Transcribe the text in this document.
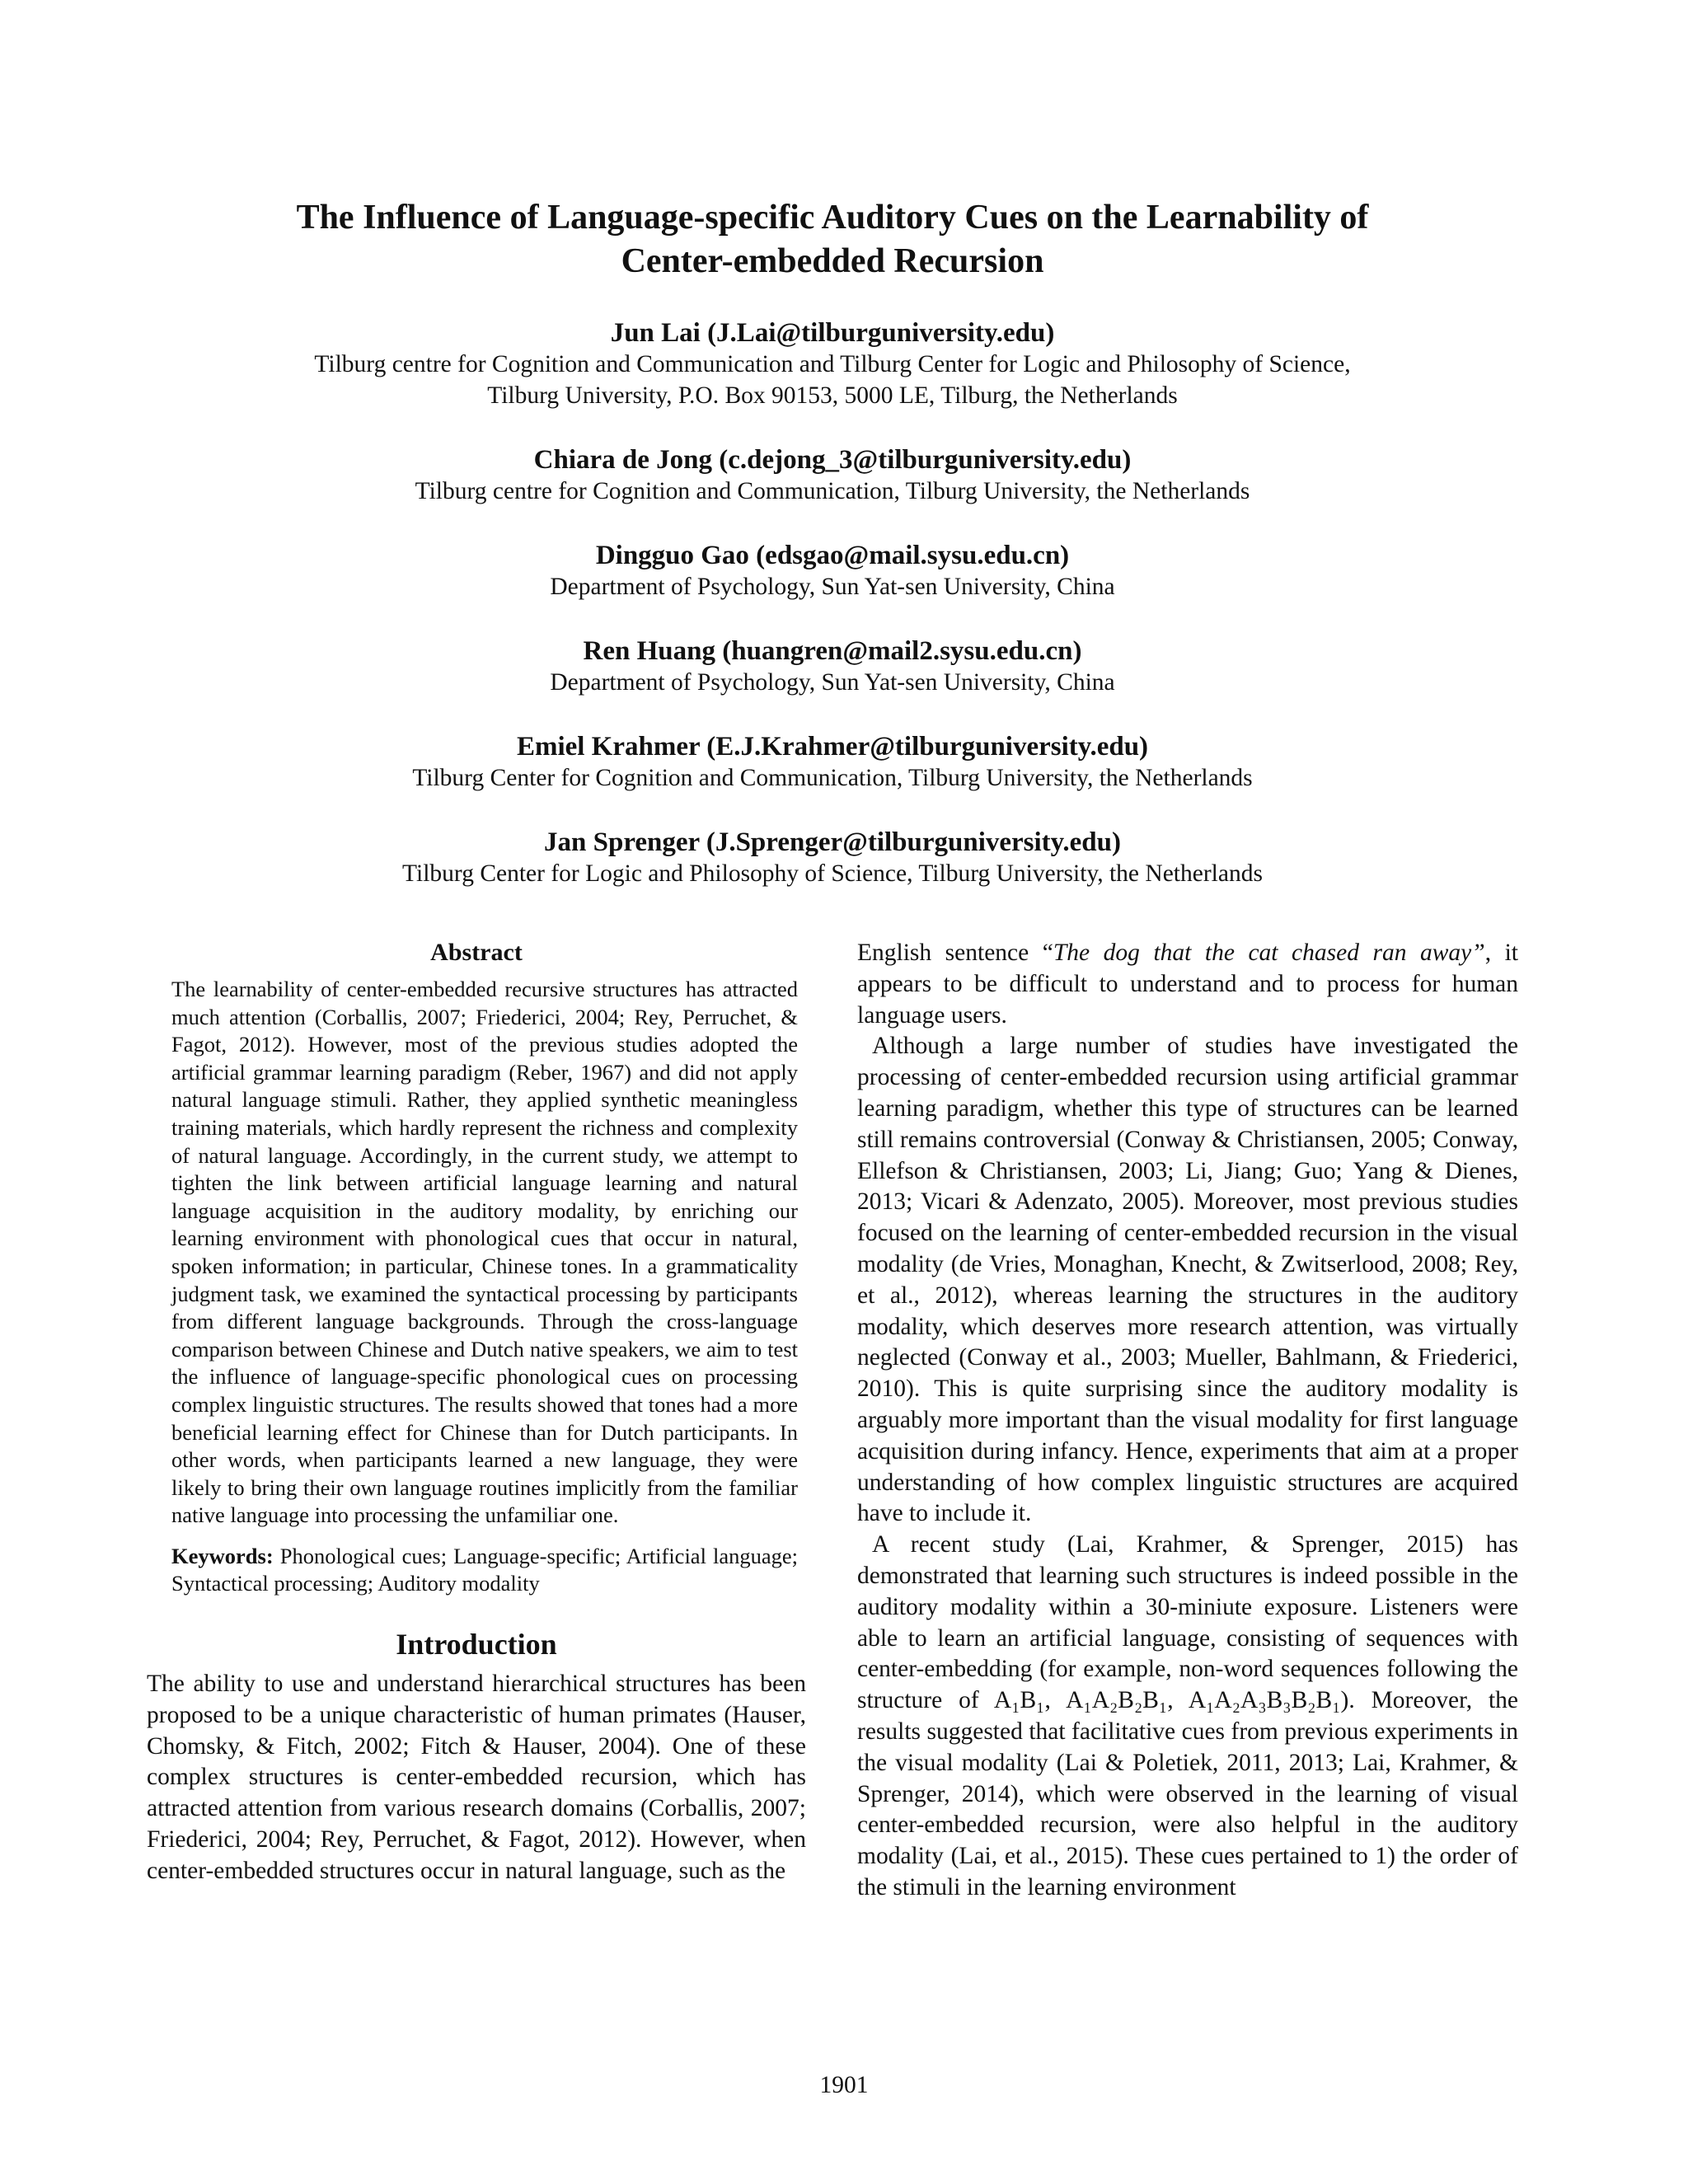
The Influence of Language-specific Auditory Cues on the Learnability of
Center-embedded Recursion
Jun Lai (J.Lai@tilburguniversity.edu)
Tilburg centre for Cognition and Communication and Tilburg Center for Logic and Philosophy of Science,
Tilburg University, P.O. Box 90153, 5000 LE, Tilburg, the Netherlands
Chiara de Jong (c.dejong_3@tilburguniversity.edu)
Tilburg centre for Cognition and Communication, Tilburg University, the Netherlands
Dingguo Gao (edsgao@mail.sysu.edu.cn)
Department of Psychology, Sun Yat-sen University, China
Ren Huang (huangren@mail2.sysu.edu.cn)
Department of Psychology, Sun Yat-sen University, China
Emiel Krahmer (E.J.Krahmer@tilburguniversity.edu)
Tilburg Center for Cognition and Communication, Tilburg University, the Netherlands
Jan Sprenger (J.Sprenger@tilburguniversity.edu)
Tilburg Center for Logic and Philosophy of Science, Tilburg University, the Netherlands
Abstract
The learnability of center-embedded recursive structures has attracted much attention (Corballis, 2007; Friederici, 2004; Rey, Perruchet, & Fagot, 2012). However, most of the previous studies adopted the artificial grammar learning paradigm (Reber, 1967) and did not apply natural language stimuli. Rather, they applied synthetic meaningless training materials, which hardly represent the richness and complexity of natural language. Accordingly, in the current study, we attempt to tighten the link between artificial language learning and natural language acquisition in the auditory modality, by enriching our learning environment with phonological cues that occur in natural, spoken information; in particular, Chinese tones. In a grammaticality judgment task, we examined the syntactical processing by participants from different language backgrounds. Through the cross-language comparison between Chinese and Dutch native speakers, we aim to test the influence of language-specific phonological cues on processing complex linguistic structures. The results showed that tones had a more beneficial learning effect for Chinese than for Dutch participants. In other words, when participants learned a new language, they were likely to bring their own language routines implicitly from the familiar native language into processing the unfamiliar one.
Keywords: Phonological cues; Language-specific; Artificial language; Syntactical processing; Auditory modality
Introduction

The ability to use and understand hierarchical structures has been proposed to be a unique characteristic of human primates (Hauser, Chomsky, & Fitch, 2002; Fitch & Hauser, 2004). One of these complex structures is center-embedded recursion, which has attracted attention from various research domains (Corballis, 2007; Friederici, 2004; Rey, Perruchet, & Fagot, 2012). However, when center-embedded structures occur in natural language, such as the

English sentence “The dog that the cat chased ran away”, it appears to be difficult to understand and to process for human language users.

Although a large number of studies have investigated the processing of center-embedded recursion using artificial grammar learning paradigm, whether this type of structures can be learned still remains controversial (Conway & Christiansen, 2005; Conway, Ellefson & Christiansen, 2003; Li, Jiang; Guo; Yang & Dienes, 2013; Vicari & Adenzato, 2005). Moreover, most previous studies focused on the learning of center-embedded recursion in the visual modality (de Vries, Monaghan, Knecht, & Zwitserlood, 2008; Rey, et al., 2012), whereas learning the structures in the auditory modality, which deserves more research attention, was virtually neglected (Conway et al., 2003; Mueller, Bahlmann, & Friederici, 2010). This is quite surprising since the auditory modality is arguably more important than the visual modality for first language acquisition during infancy. Hence, experiments that aim at a proper understanding of how complex linguistic structures are acquired have to include it.

A recent study (Lai, Krahmer, & Sprenger, 2015) has demonstrated that learning such structures is indeed possible in the auditory modality within a 30-miniute exposure. Listeners were able to learn an artificial language, consisting of sequences with center-embedding (for example, non-word sequences following the structure of A₁B₁, A₁A₂B₂B₁, A₁A₂A₃B₃B₂B₁). Moreover, the results suggested that facilitative cues from previous experiments in the visual modality (Lai & Poletiek, 2011, 2013; Lai, Krahmer, & Sprenger, 2014), which were observed in the learning of visual center-embedded recursion, were also helpful in the auditory modality (Lai, et al., 2015). These cues pertained to 1) the order of the stimuli in the learning environment

1901
